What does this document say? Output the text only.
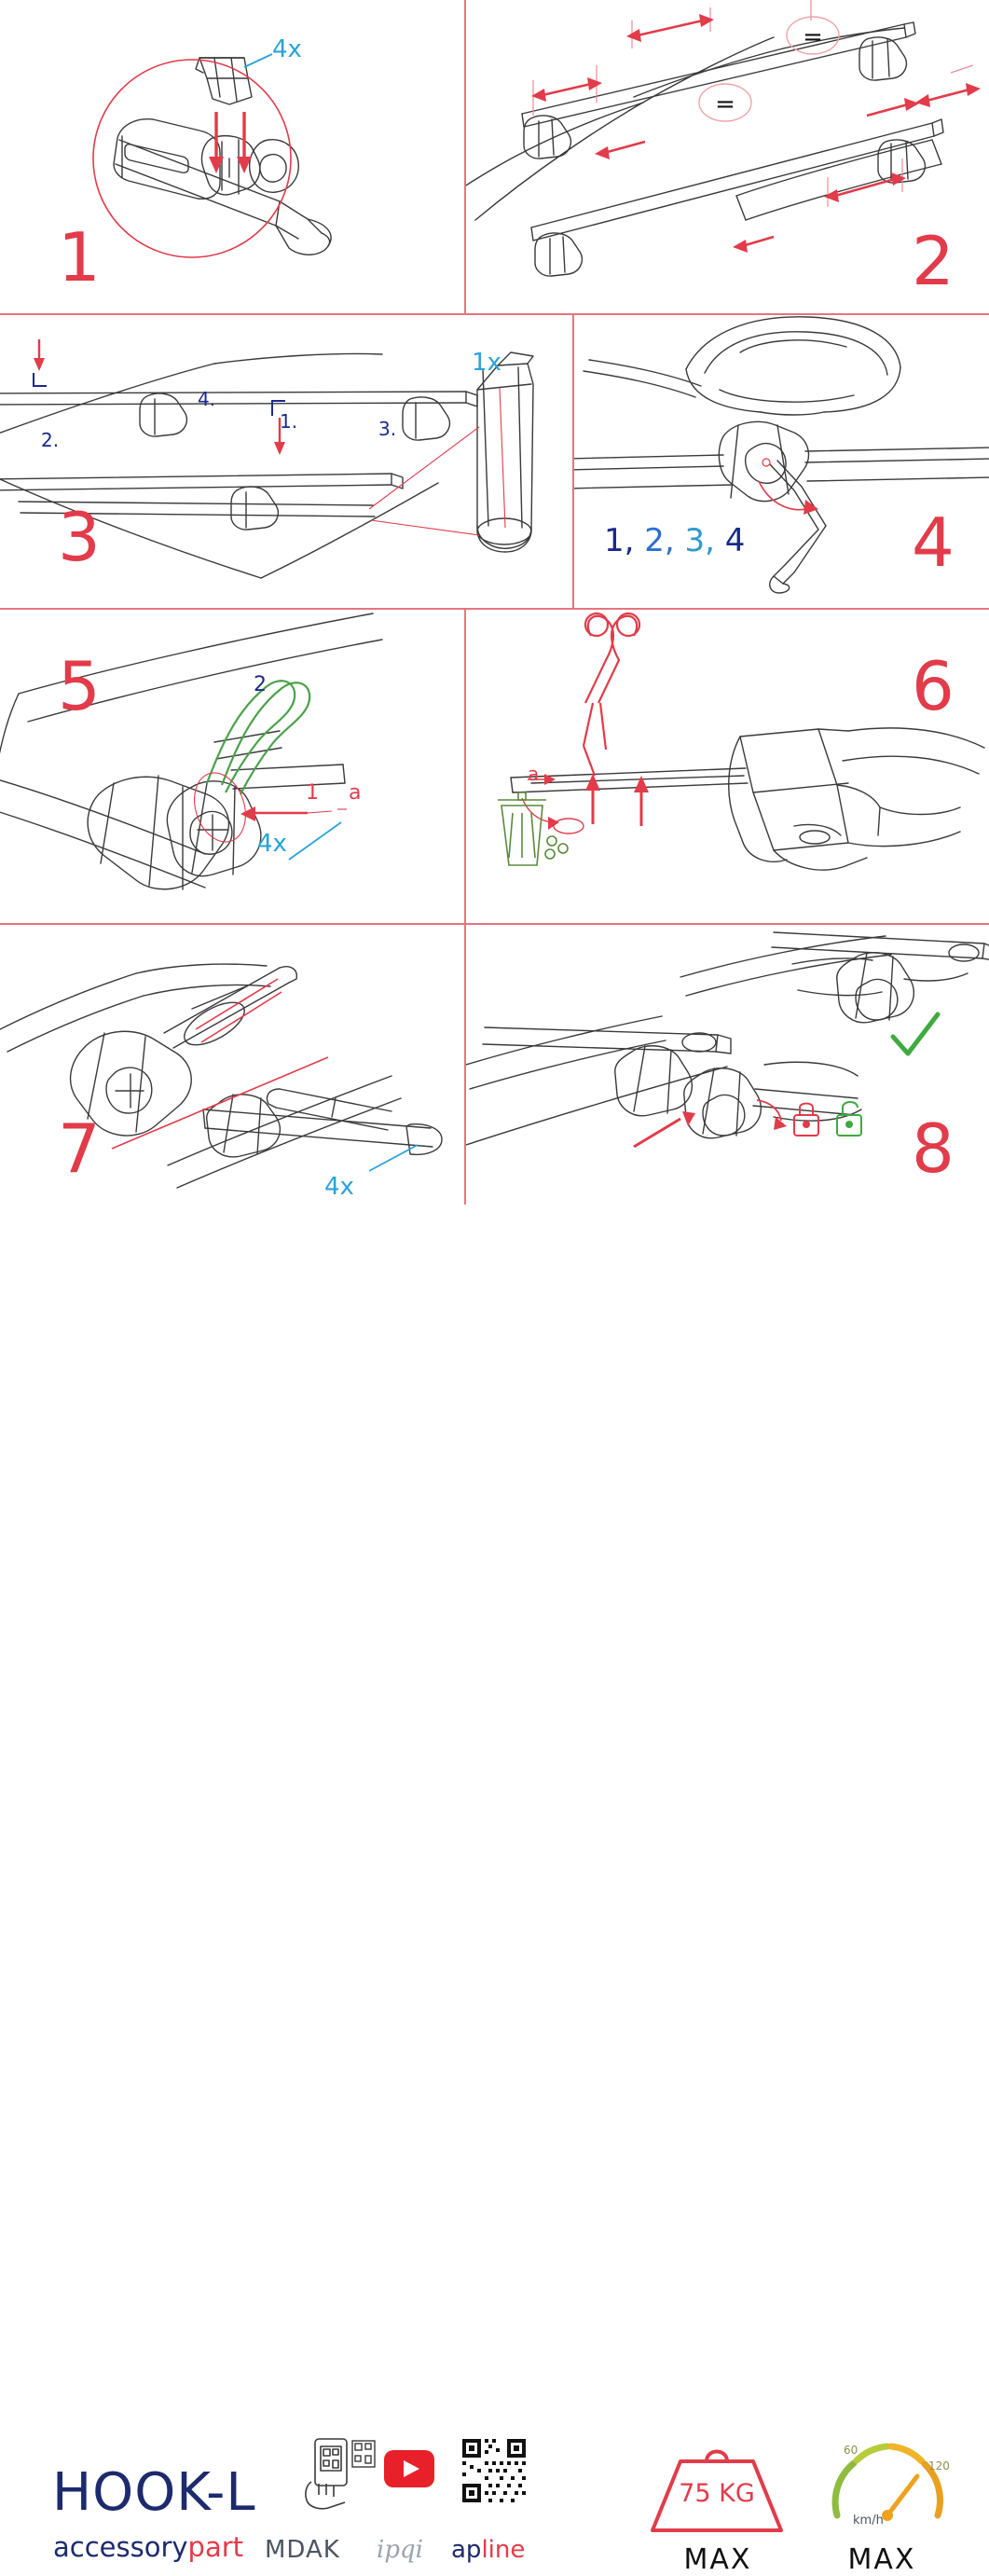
1
4x	=
=
2
3
1.
2.	3.
4.
1x
4
1, 2, 3, 4
5
1
2
a
4x
6
a
7	4x	8
HOOK-L
accessorypart MDAK ipqi apline
75 KG
MAX
60
120
km/h
MAX
